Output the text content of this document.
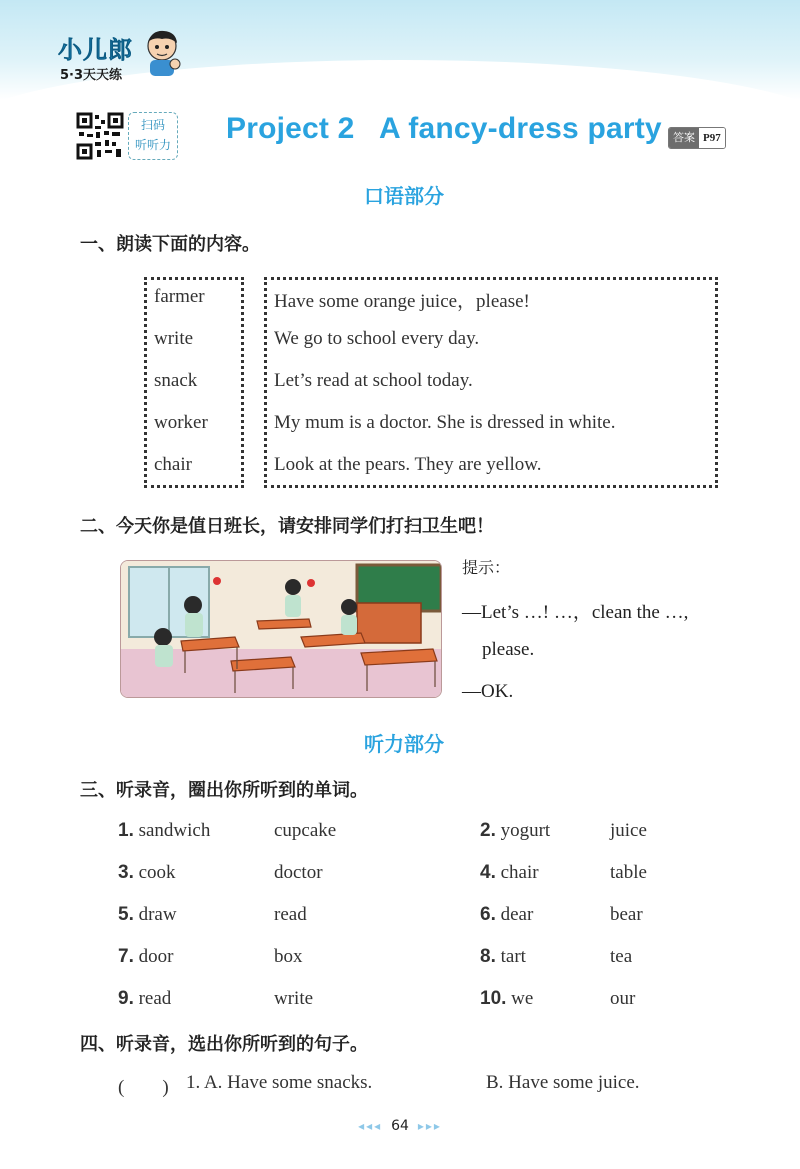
小儿郎
5·3天天练
扫码
听听力 Project 2   A fancy-dress party	答案 P97
口语部分
一、朗读下面的内容。
farmer
write
snack
worker
chair
Have some orange juice，please!
We go to school every day.
Let’s read at school today.
My mum is a doctor. She is dressed in white.
Look at the pears. They are yellow.
二、今天你是值日班长，请安排同学们打扫卫生吧！
提示：
—Let’s …! …，clean the …,
please.
—OK.
听力部分
三、听录音，圈出你所听到的单词。
1. sandwich	cupcake	2. yogurt	juice
3. cook	doctor	4. chair	table
5. draw	read	6. dear	bear
7. door	box	8. tart	tea
9. read	write	10. we	our
四、听录音，选出你所听到的句子。
(　　) 1. A. Have some snacks.	B. Have some juice.
◂◂◂ 64 ▸▸▸
